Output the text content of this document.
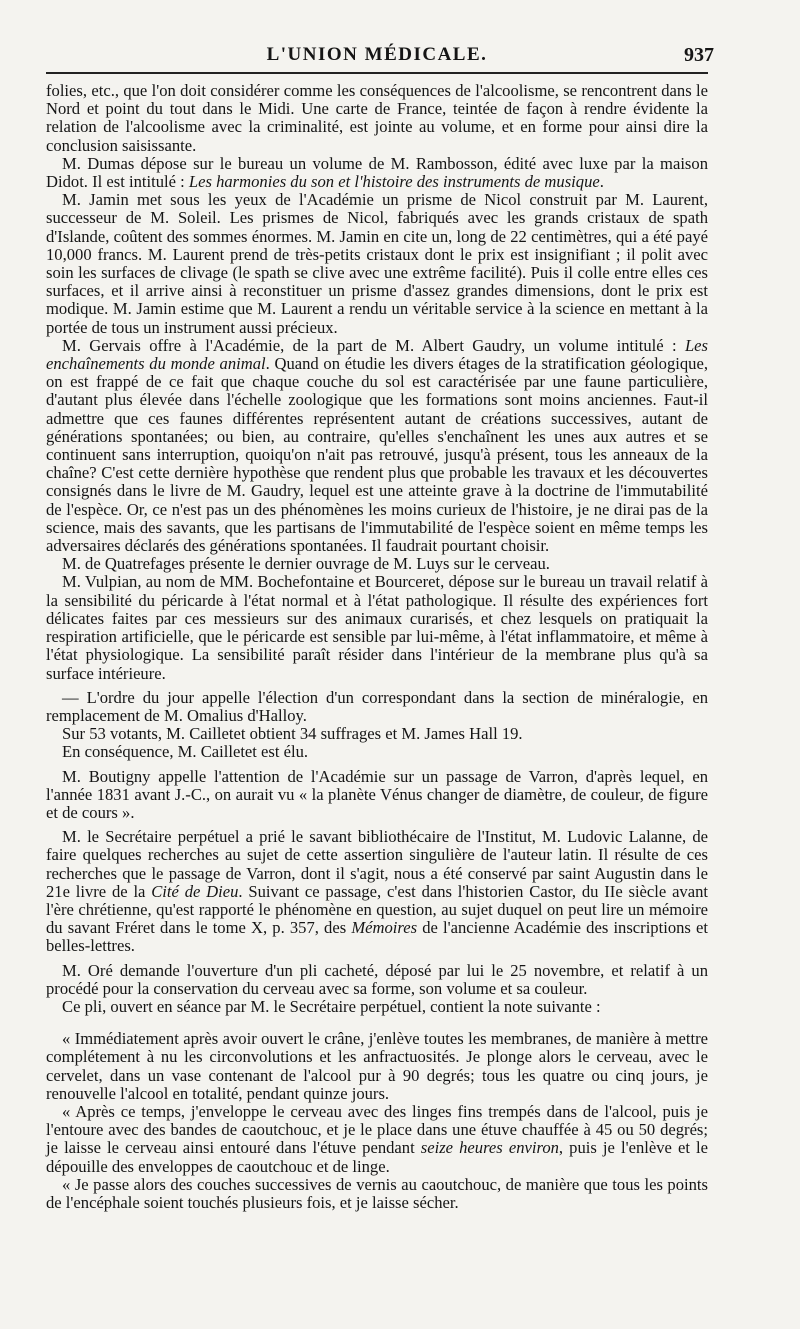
L'UNION MÉDICALE.	937

folies, etc., que l'on doit considérer comme les conséquences de l'alcoolisme, se rencontrent dans le Nord et point du tout dans le Midi. Une carte de France, teintée de façon à rendre évidente la relation de l'alcoolisme avec la criminalité, est jointe au volume, et en forme pour ainsi dire la conclusion saisissante.

M. Dumas dépose sur le bureau un volume de M. Rambosson, édité avec luxe par la maison Didot. Il est intitulé : Les harmonies du son et l'histoire des instruments de musique.

M. Jamin met sous les yeux de l'Académie un prisme de Nicol construit par M. Laurent, successeur de M. Soleil. Les prismes de Nicol, fabriqués avec les grands cristaux de spath d'Islande, coûtent des sommes énormes. M. Jamin en cite un, long de 22 centimètres, qui a été payé 10,000 francs. M. Laurent prend de très-petits cristaux dont le prix est insignifiant ; il polit avec soin les surfaces de clivage (le spath se clive avec une extrême facilité). Puis il colle entre elles ces surfaces, et il arrive ainsi à reconstituer un prisme d'assez grandes dimensions, dont le prix est modique. M. Jamin estime que M. Laurent a rendu un véritable service à la science en mettant à la portée de tous un instrument aussi précieux.

M. Gervais offre à l'Académie, de la part de M. Albert Gaudry, un volume intitulé : Les enchaînements du monde animal. Quand on étudie les divers étages de la stratification géologique, on est frappé de ce fait que chaque couche du sol est caractérisée par une faune particulière, d'autant plus élevée dans l'échelle zoologique que les formations sont moins anciennes. Faut-il admettre que ces faunes différentes représentent autant de créations successives, autant de générations spontanées; ou bien, au contraire, qu'elles s'enchaînent les unes aux autres et se continuent sans interruption, quoiqu'on n'ait pas retrouvé, jusqu'à présent, tous les anneaux de la chaîne? C'est cette dernière hypothèse que rendent plus que probable les travaux et les découvertes consignés dans le livre de M. Gaudry, lequel est une atteinte grave à la doctrine de l'immutabilité de l'espèce. Or, ce n'est pas un des phénomènes les moins curieux de l'histoire, je ne dirai pas de la science, mais des savants, que les partisans de l'immutabilité de l'espèce soient en même temps les adversaires déclarés des générations spontanées. Il faudrait pourtant choisir.

M. de Quatrefages présente le dernier ouvrage de M. Luys sur le cerveau.

M. Vulpian, au nom de MM. Bochefontaine et Bourceret, dépose sur le bureau un travail relatif à la sensibilité du péricarde à l'état normal et à l'état pathologique. Il résulte des expériences fort délicates faites par ces messieurs sur des animaux curarisés, et chez lesquels on pratiquait la respiration artificielle, que le péricarde est sensible par lui-même, à l'état inflammatoire, et même à l'état physiologique. La sensibilité paraît résider dans l'intérieur de la membrane plus qu'à sa surface intérieure.

— L'ordre du jour appelle l'élection d'un correspondant dans la section de minéralogie, en remplacement de M. Omalius d'Halloy.

Sur 53 votants, M. Cailletet obtient 34 suffrages et M. James Hall 19.

En conséquence, M. Cailletet est élu.

M. Boutigny appelle l'attention de l'Académie sur un passage de Varron, d'après lequel, en l'année 1831 avant J.-C., on aurait vu « la planète Vénus changer de diamètre, de couleur, de figure et de cours ».

M. le Secrétaire perpétuel a prié le savant bibliothécaire de l'Institut, M. Ludovic Lalanne, de faire quelques recherches au sujet de cette assertion singulière de l'auteur latin. Il résulte de ces recherches que le passage de Varron, dont il s'agit, nous a été conservé par saint Augustin dans le 21e livre de la Cité de Dieu. Suivant ce passage, c'est dans l'historien Castor, du IIe siècle avant l'ère chrétienne, qu'est rapporté le phénomène en question, au sujet duquel on peut lire un mémoire du savant Fréret dans le tome X, p. 357, des Mémoires de l'ancienne Académie des inscriptions et belles-lettres.

M. Oré demande l'ouverture d'un pli cacheté, déposé par lui le 25 novembre, et relatif à un procédé pour la conservation du cerveau avec sa forme, son volume et sa couleur.

Ce pli, ouvert en séance par M. le Secrétaire perpétuel, contient la note suivante :

« Immédiatement après avoir ouvert le crâne, j'enlève toutes les membranes, de manière à mettre complétement à nu les circonvolutions et les anfractuosités. Je plonge alors le cerveau, avec le cervelet, dans un vase contenant de l'alcool pur à 90 degrés; tous les quatre ou cinq jours, je renouvelle l'alcool en totalité, pendant quinze jours.

« Après ce temps, j'enveloppe le cerveau avec des linges fins trempés dans de l'alcool, puis je l'entoure avec des bandes de caoutchouc, et je le place dans une étuve chauffée à 45 ou 50 degrés; je laisse le cerveau ainsi entouré dans l'étuve pendant seize heures environ, puis je l'enlève et le dépouille des enveloppes de caoutchouc et de linge.

« Je passe alors des couches successives de vernis au caoutchouc, de manière que tous les points de l'encéphale soient touchés plusieurs fois, et je laisse sécher.
